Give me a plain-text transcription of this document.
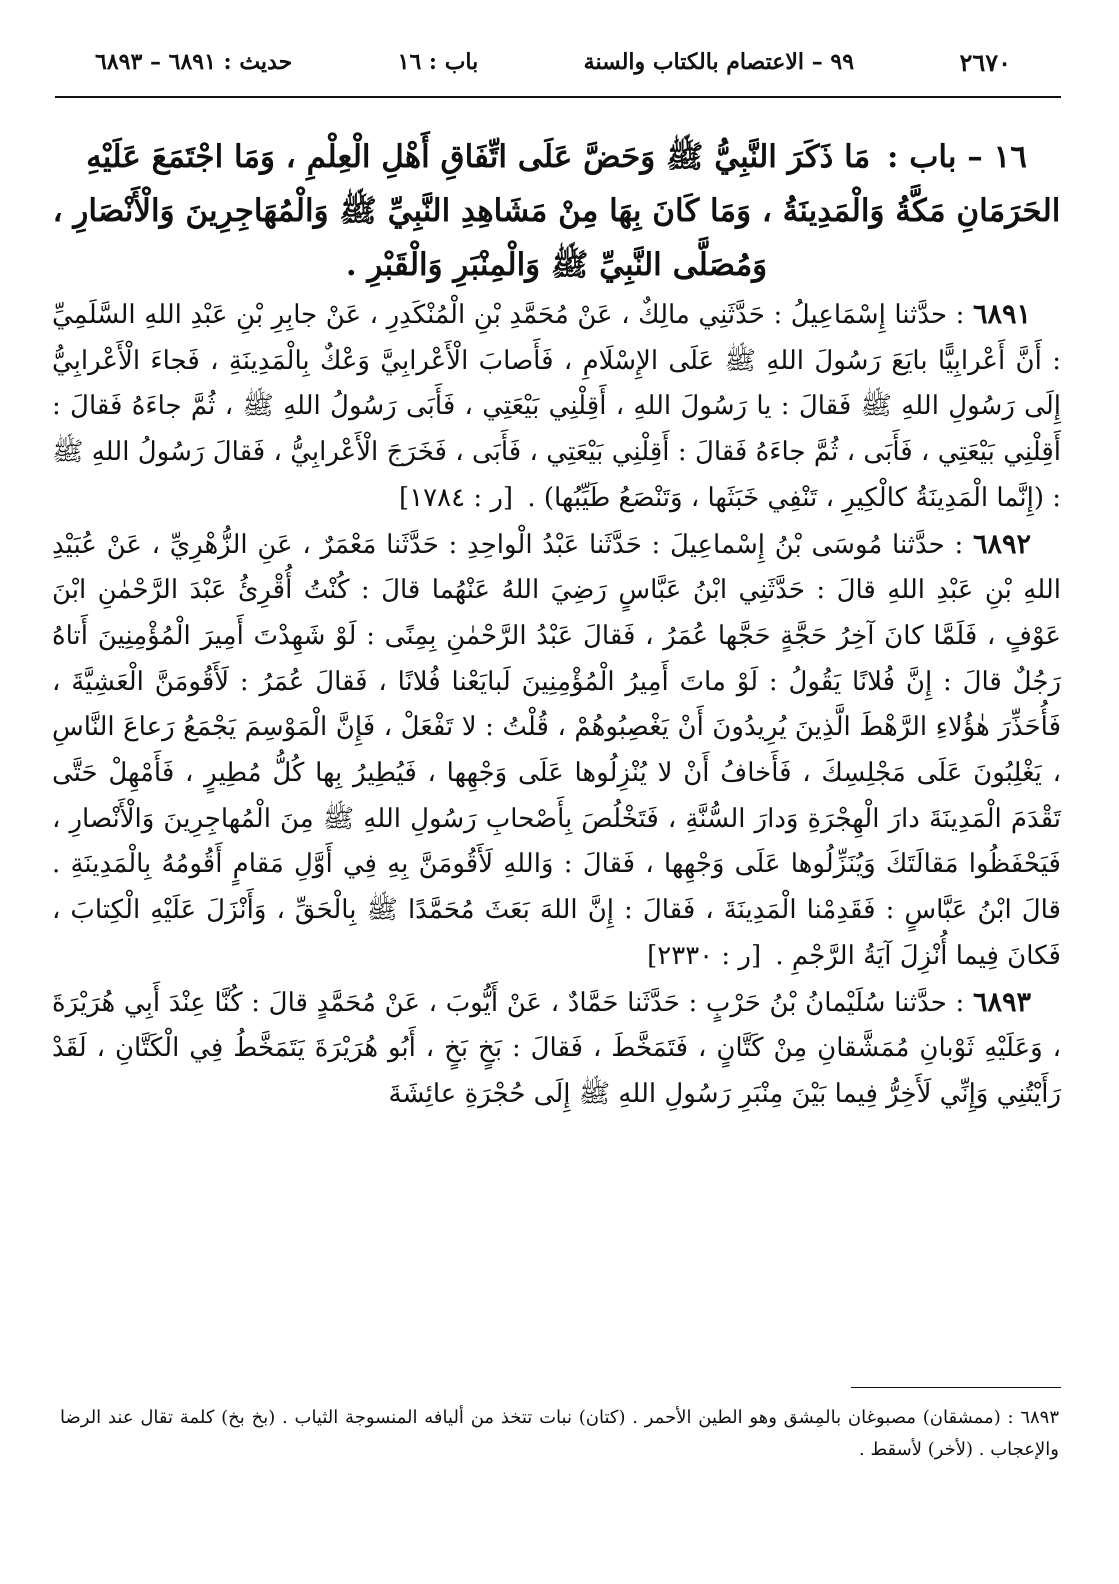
٢٦٧٠
٩٩ – الاعتصام بالكتاب والسنة
باب : ١٦
حديث : ٦٨٩١ – ٦٨٩٣

١٦ – باب : مَا ذَكَرَ النَّبِيُّ ﷺ وَحَضَّ عَلَى اتِّفَاقِ أَهْلِ الْعِلْمِ ، وَمَا اجْتَمَعَ عَلَيْهِ الحَرَمَانِ مَكَّةُ وَالْمَدِينَةُ ، وَمَا كَانَ بِهَا مِنْ مَشَاهِدِ النَّبِيِّ ﷺ وَالْمُهَاجِرِينَ وَالْأَنْصَارِ ، وَمُصَلَّى النَّبِيِّ ﷺ وَالْمِنْبَرِ وَالْقَبْرِ .

٦٨٩١ : حدَّثنا إِسْمَاعِيلُ : حَدَّثَنِي مالِكٌ ، عَنْ مُحَمَّدِ بْنِ الْمُنْكَدِرِ ، عَنْ جابِرِ بْنِ عَبْدِ اللهِ السَّلَمِيِّ : أَنَّ أَعْرابِيًّا بايَعَ رَسُولَ اللهِ ﷺ عَلَى الإِسْلَامِ ، فَأَصابَ الْأَعْرابِيَّ وَعْكٌ بِالْمَدِينَةِ ، فَجاءَ الْأَعْرابِيُّ إِلَى رَسُولِ اللهِ ﷺ فَقالَ : يا رَسُولَ اللهِ ، أَقِلْنِي بَيْعَتِي ، فَأَبَى رَسُولُ اللهِ ﷺ ، ثُمَّ جاءَهُ فَقالَ : أَقِلْنِي بَيْعَتِي ، فَأَبَى ، ثُمَّ جاءَهُ فَقالَ : أَقِلْنِي بَيْعَتِي ، فَأَبَى ، فَخَرَجَ الْأَعْرابِيُّ ، فَقالَ رَسُولُ اللهِ ﷺ : (إِنَّما الْمَدِينَةُ كالْكِيرِ ، تَنْفِي خَبَثَها ، وَتَنْصَعُ طَيِّبُها) . [ر : ١٧٨٤]

٦٨٩٢ : حدَّثنا مُوسَى بْنُ إِسْماعِيلَ : حَدَّثَنا عَبْدُ الْواحِدِ : حَدَّثَنا مَعْمَرٌ ، عَنِ الزُّهْرِيِّ ، عَنْ عُبَيْدِ اللهِ بْنِ عَبْدِ اللهِ قالَ : حَدَّثَنِي ابْنُ عَبَّاسٍ رَضِيَ اللهُ عَنْهُما قالَ : كُنْتُ أُقْرِئُ عَبْدَ الرَّحْمٰنِ ابْنَ عَوْفٍ ، فَلَمَّا كانَ آخِرُ حَجَّةٍ حَجَّها عُمَرُ ، فَقالَ عَبْدُ الرَّحْمٰنِ بِمِنًى : لَوْ شَهِدْتَ أَمِيرَ الْمُؤْمِنِينَ أَتاهُ رَجُلٌ قالَ : إِنَّ فُلانًا يَقُولُ : لَوْ ماتَ أَمِيرُ الْمُؤْمِنِينَ لَبايَعْنا فُلانًا ، فَقالَ عُمَرُ : لَأَقُومَنَّ الْعَشِيَّةَ ، فَأُحَذِّرَ هٰؤُلاءِ الرَّهْطَ الَّذِينَ يُرِيدُونَ أَنْ يَغْصِبُوهُمْ ، قُلْتُ : لا تَفْعَلْ ، فَإِنَّ الْمَوْسِمَ يَجْمَعُ رَعاعَ النَّاسِ ، يَغْلِبُونَ عَلَى مَجْلِسِكَ ، فَأَخافُ أَنْ لا يُنْزِلُوها عَلَى وَجْهِها ، فَيُطِيرُ بِها كُلُّ مُطِيرٍ ، فَأَمْهِلْ حَتَّى تَقْدَمَ الْمَدِينَةَ دارَ الْهِجْرَةِ وَدارَ السُّنَّةِ ، فَتَخْلُصَ بِأَصْحابِ رَسُولِ اللهِ ﷺ مِنَ الْمُهاجِرِينَ وَالْأَنْصارِ ، فَيَحْفَظُوا مَقالَتَكَ وَيُنَزِّلُوها عَلَى وَجْهِها ، فَقالَ : وَاللهِ لَأَقُومَنَّ بِهِ فِي أَوَّلِ مَقامٍ أَقُومُهُ بِالْمَدِينَةِ . قالَ ابْنُ عَبَّاسٍ : فَقَدِمْنا الْمَدِينَةَ ، فَقالَ : إِنَّ اللهَ بَعَثَ مُحَمَّدًا ﷺ بِالْحَقِّ ، وَأَنْزَلَ عَلَيْهِ الْكِتابَ ، فَكانَ فِيما أُنْزِلَ آيَةُ الرَّجْمِ . [ر : ٢٣٣٠]

٦٨٩٣ : حدَّثنا سُلَيْمانُ بْنُ حَرْبٍ : حَدَّثَنا حَمَّادٌ ، عَنْ أَيُّوبَ ، عَنْ مُحَمَّدٍ قالَ : كُنَّا عِنْدَ أَبِي هُرَيْرَةَ ، وَعَلَيْهِ ثَوْبانِ مُمَشَّقانِ مِنْ كَتَّانٍ ، فَتَمَخَّطَ ، فَقالَ : بَخٍ بَخٍ ، أَبُو هُرَيْرَةَ يَتَمَخَّطُ فِي الْكَتَّانِ ، لَقَدْ رَأَيْتُنِي وَإِنِّي لَأَخِرُّ فِيما بَيْنَ مِنْبَرِ رَسُولِ اللهِ ﷺ إِلَى حُجْرَةِ عائِشَةَ

٦٨٩٣ : (ممشقان) مصبوغان بالمِشق وهو الطين الأحمر . (كتان) نبات تتخذ من أليافه المنسوجة الثياب . (بخ بخ) كلمة تقال عند الرضا والإعجاب . (لأخر) لأسقط .
